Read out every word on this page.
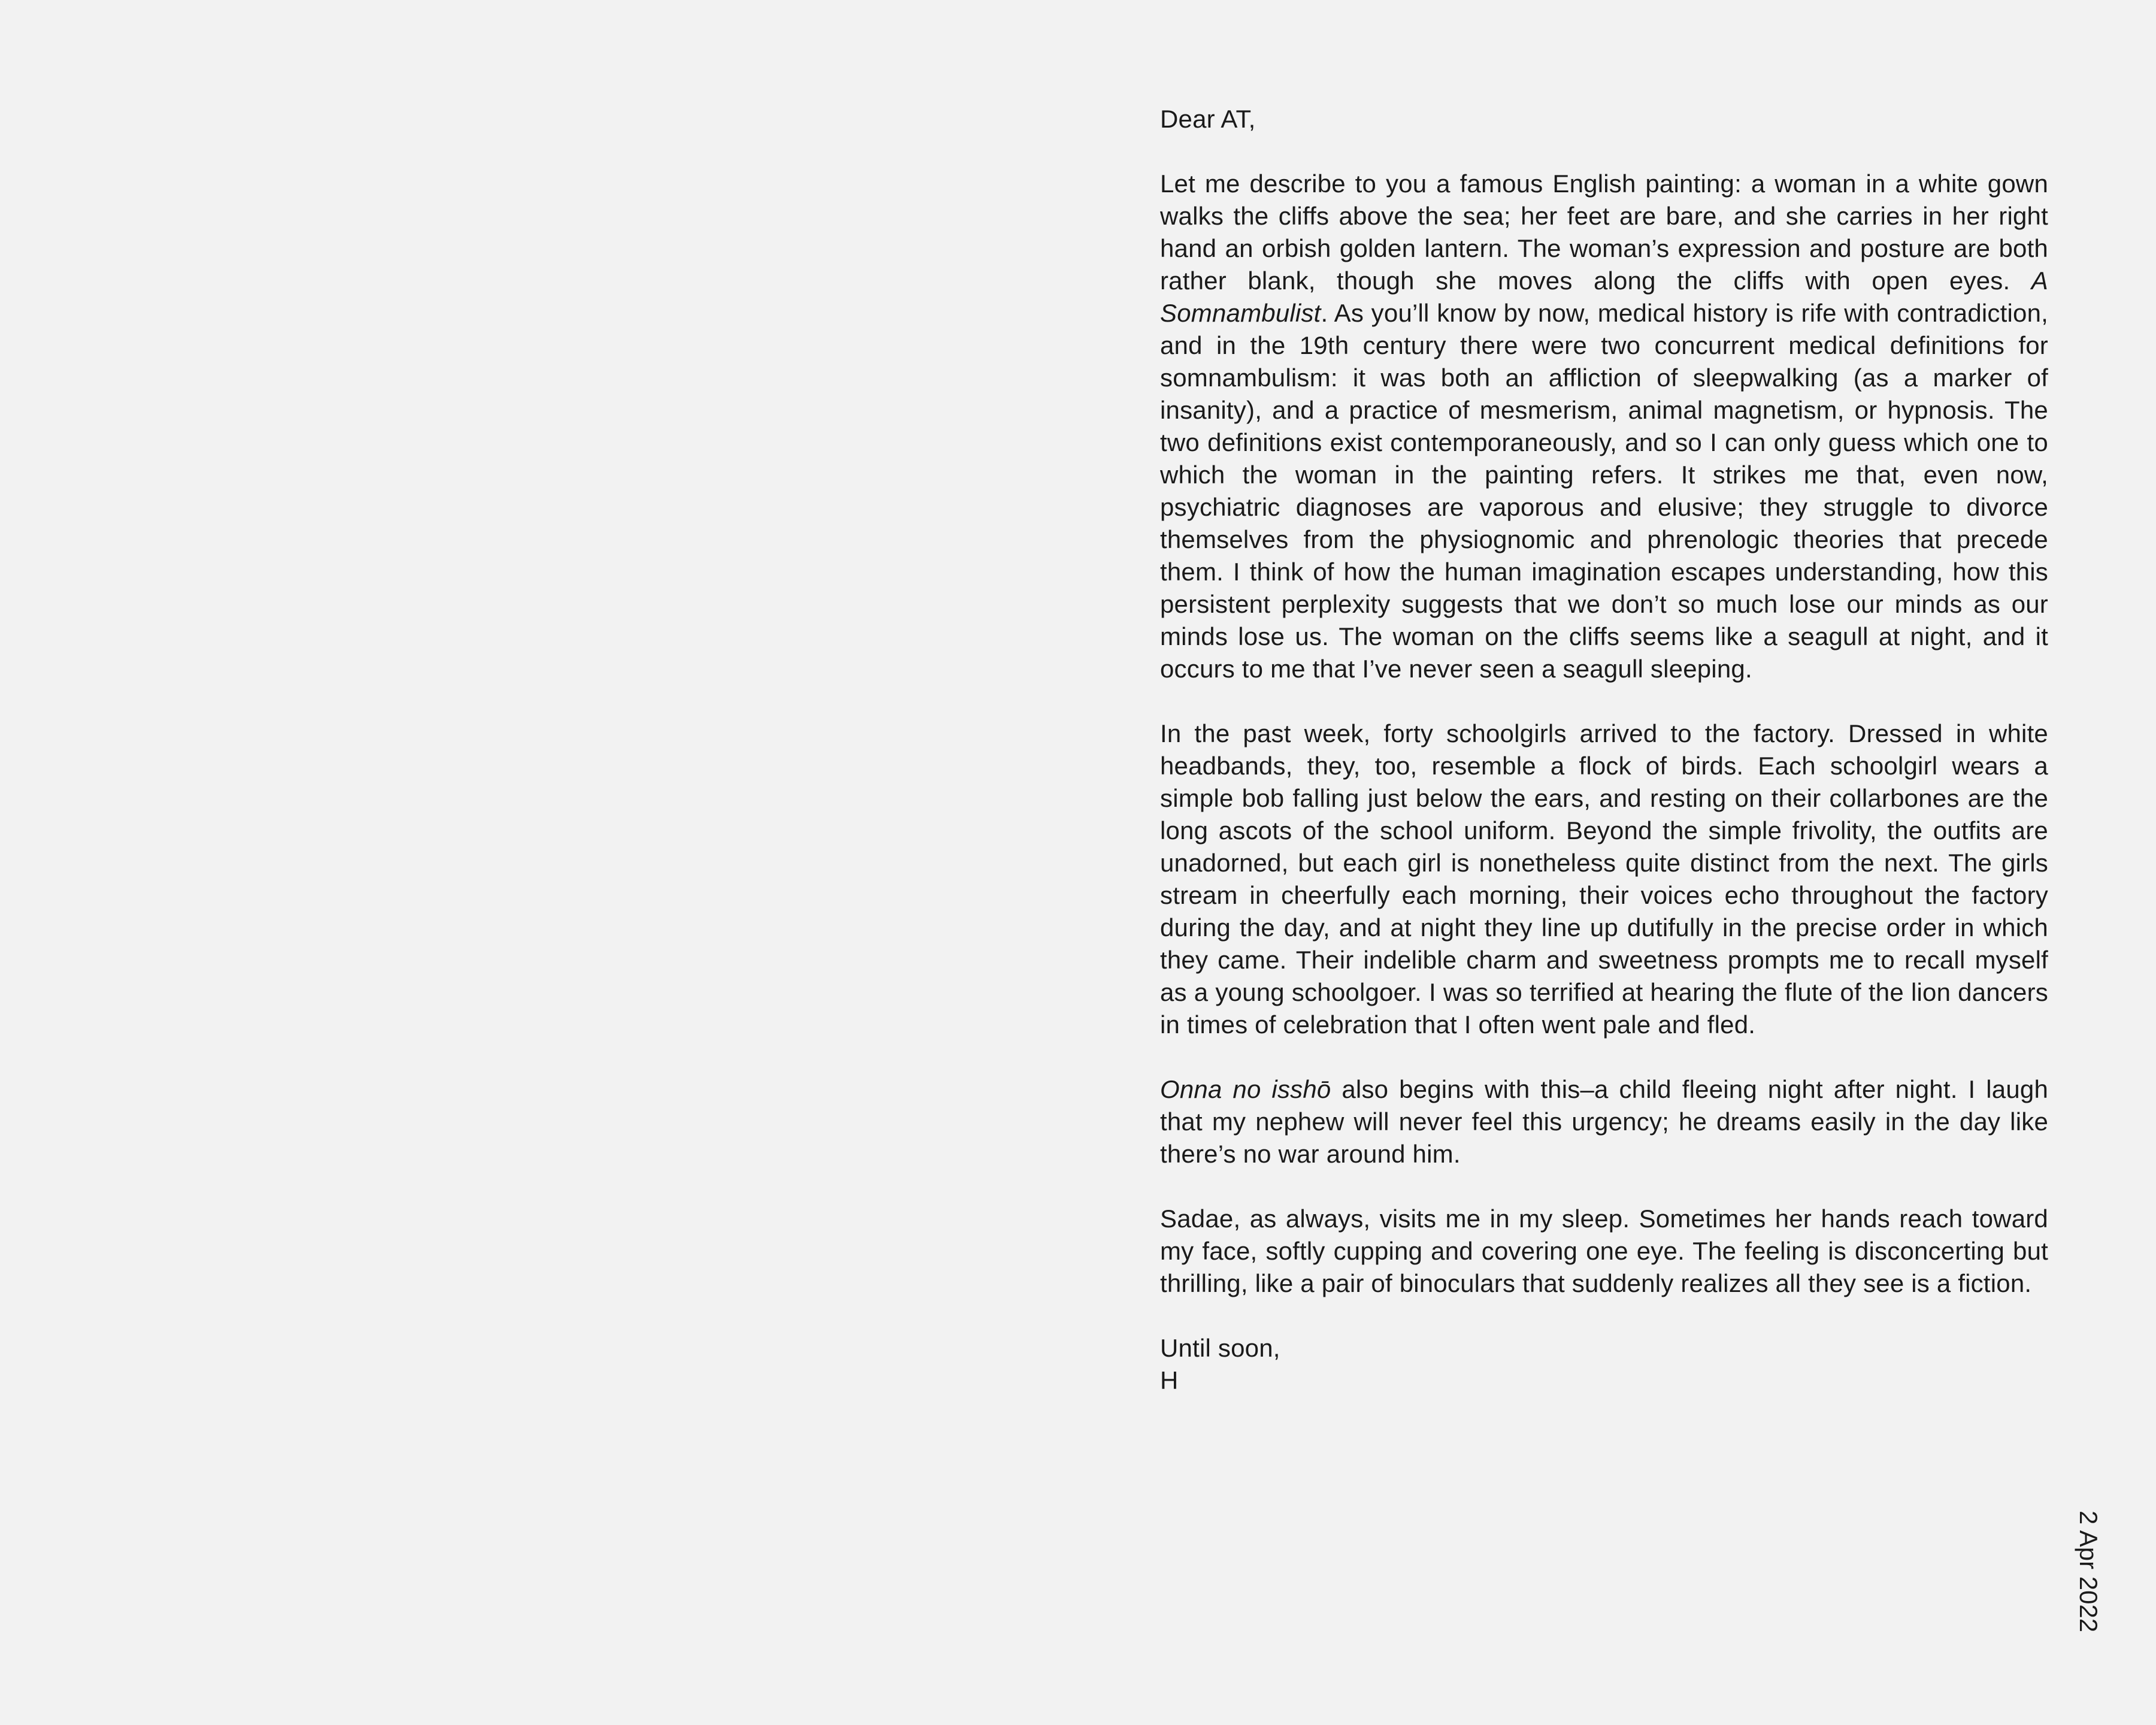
Dear AT,

Let me describe to you a famous English painting: a woman in a white gown walks the cliffs above the sea; her feet are bare, and she carries in her right hand an orbish golden lantern. The woman’s expression and posture are both rather blank, though she moves along the cliffs with open eyes. A Somnambulist. As you’ll know by now, medical history is rife with contradiction, and in the 19th century there were two concurrent medical definitions for somnambulism: it was both an affliction of sleepwalking (as a marker of insanity), and a practice of mesmerism, animal magnetism, or hypnosis. The two definitions exist contemporaneously, and so I can only guess which one to which the woman in the painting refers. It strikes me that, even now, psychiatric diagnoses are vaporous and elusive; they struggle to divorce themselves from the physiognomic and phrenologic theories that precede them. I think of how the human imagination escapes understanding, how this persistent perplexity suggests that we don’t so much lose our minds as our minds lose us. The woman on the cliffs seems like a seagull at night, and it occurs to me that I’ve never seen a seagull sleeping.

In the past week, forty schoolgirls arrived to the factory. Dressed in white headbands, they, too, resemble a flock of birds. Each schoolgirl wears a simple bob falling just below the ears, and resting on their collarbones are the long ascots of the school uniform. Beyond the simple frivolity, the outfits are unadorned, but each girl is nonetheless quite distinct from the next. The girls stream in cheerfully each morning, their voices echo throughout the factory during the day, and at night they line up dutifully in the precise order in which they came. Their indelible charm and sweetness prompts me to recall myself as a young schoolgoer. I was so terrified at hearing the flute of the lion dancers in times of celebration that I often went pale and fled.

Onna no isshō also begins with this–a child fleeing night after night. I laugh that my nephew will never feel this urgency; he dreams easily in the day like there’s no war around him.

Sadae, as always, visits me in my sleep. Sometimes her hands reach toward my face, softly cupping and covering one eye. The feeling is disconcerting but thrilling, like a pair of binoculars that suddenly realizes all they see is a fiction.

Until soon,
H

2 Apr 2022
